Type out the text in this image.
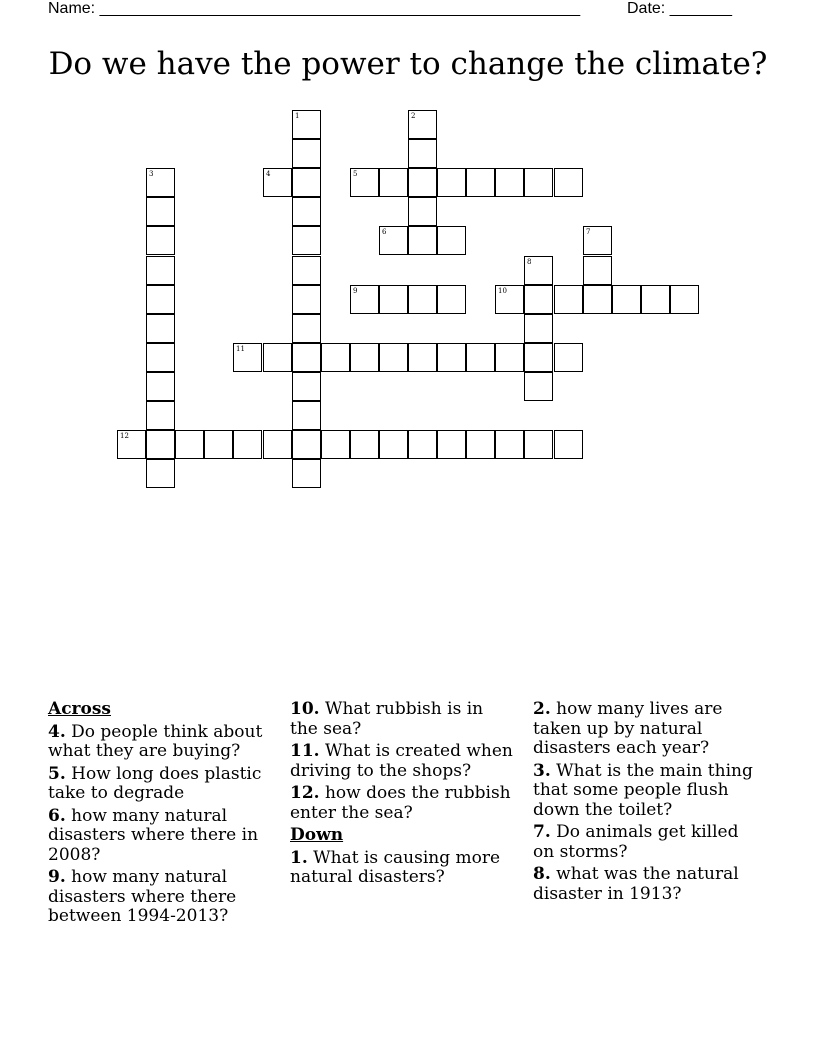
Name: ______________________________________________________	Date: _______
Do we have the power to change the climate?
1	2
3	4	5
6	7
8
9	10
11
12
Across
4. Do people think about what they are buying?
5. How long does plastic take to degrade
6. how many natural disasters where there in 2008?
9. how many natural disasters where there between 1994-2013?
10. What rubbish is in the sea?
11. What is created when driving to the shops?
12. how does the rubbish enter the sea?
Down
1. What is causing more natural disasters?
2. how many lives are taken up by natural disasters each year?
3. What is the main thing that some people flush down the toilet?
7. Do animals get killed on storms?
8. what was the natural disaster in 1913?
